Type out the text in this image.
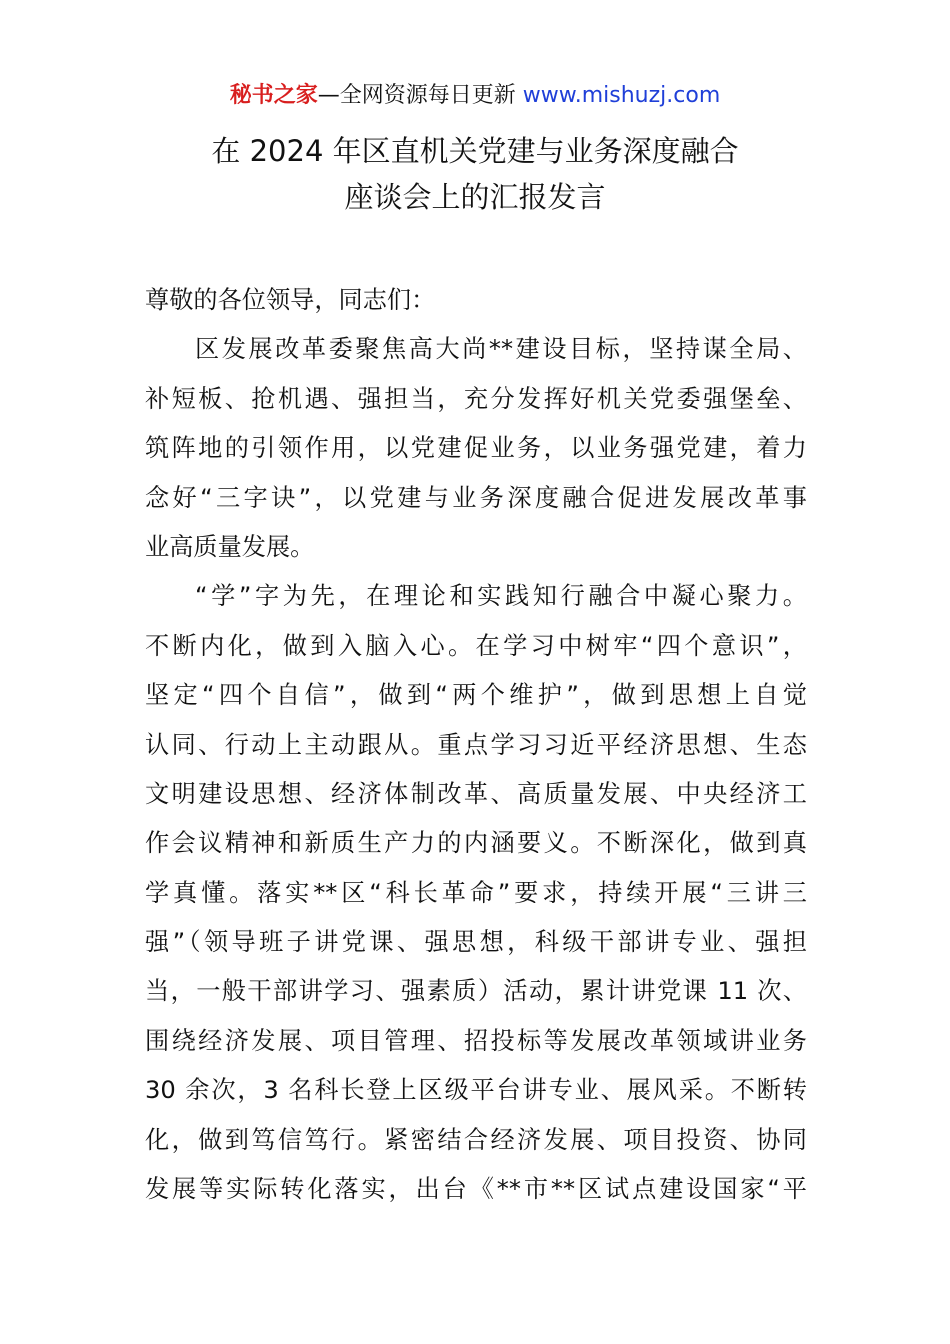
秘书之家—全网资源每日更新 www.mishuzj.com
在 2024 年区直机关党建与业务深度融合
座谈会上的汇报发言
尊敬的各位领导，同志们：
区发展改革委聚焦高大尚**建设目标，坚持谋全局、
补短板、抢机遇、强担当，充分发挥好机关党委强堡垒、
筑阵地的引领作用，以党建促业务，以业务强党建，着力
念好“三字诀”，以党建与业务深度融合促进发展改革事
业高质量发展。
“学”字为先，在理论和实践知行融合中凝心聚力。
不断内化，做到入脑入心。在学习中树牢“四个意识”，
坚定“四个自信”，做到“两个维护”，做到思想上自觉
认同、行动上主动跟从。重点学习习近平经济思想、生态
文明建设思想、经济体制改革、高质量发展、中央经济工
作会议精神和新质生产力的内涵要义。不断深化，做到真
学真懂。落实**区“科长革命”要求，持续开展“三讲三
强”（领导班子讲党课、强思想，科级干部讲专业、强担
当，一般干部讲学习、强素质）活动，累计讲党课 11 次、
围绕经济发展、项目管理、招投标等发展改革领域讲业务
30 余次，3 名科长登上区级平台讲专业、展风采。不断转
化，做到笃信笃行。紧密结合经济发展、项目投资、协同
发展等实际转化落实，出台《**市**区试点建设国家“平
